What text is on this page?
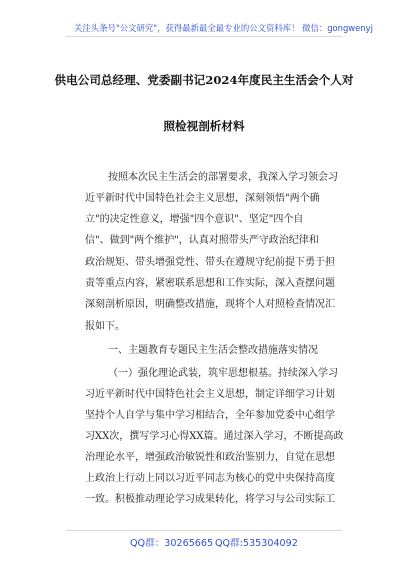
关注头条号"公文研究"，获得最新最全最专业的公文资料库！ 微信：gongwenyj
供电公司总经理、党委副书记2024年度民主生活会个人对
照检视剖析材料
按照本次民主生活会的部署要求，我深入学习领会习
近平新时代中国特色社会主义思想，深刻领悟"两个确
立"的决定性意义，增强"四个意识"、坚定"四个自
信"、做到"两个维护"，认真对照带头严守政治纪律和
政治规矩、带头增强党性、带头在遵规守纪前提下勇于担
责等重点内容，紧密联系思想和工作实际，深入查摆问题
深刻剖析原因，明确整改措施，现将个人对照检查情况汇
报如下。
一、主题教育专题民主生活会整改措施落实情况
（一）强化理论武装，筑牢思想根基。持续深入学习
习近平新时代中国特色社会主义思想，制定详细学习计划
坚持个人自学与集中学习相结合，全年参加党委中心组学
习XX次，撰写学习心得XX篇。通过深入学习，不断提高政
治理论水平，增强政治敏锐性和政治鉴别力，自觉在思想
上政治上行动上同以习近平同志为核心的党中央保持高度
一致。积极推动理论学习成果转化，将学习与公司实际工
QQ群：30265665 QQ群:535304092
